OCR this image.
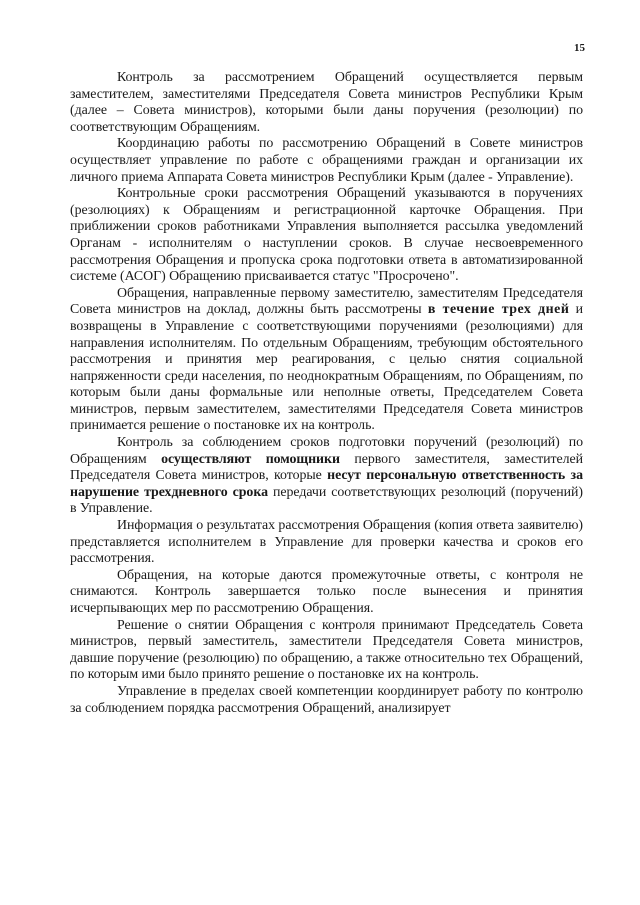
15

Контроль за рассмотрением Обращений осуществляется первым заместителем, заместителями Председателя Совета министров Республики Крым (далее – Совета министров), которыми были даны поручения (резолюции) по соответствующим Обращениям.

Координацию работы по рассмотрению Обращений в Совете министров осуществляет управление по работе с обращениями граждан и организации их личного приема Аппарата Совета министров Республики Крым (далее - Управление).

Контрольные сроки рассмотрения Обращений указываются в поручениях (резолюциях) к Обращениям и регистрационной карточке Обращения. При приближении сроков работниками Управления выполняется рассылка уведомлений Органам - исполнителям о наступлении сроков. В случае несвоевременного рассмотрения Обращения и пропуска срока подготовки ответа в автоматизированной системе (АСОГ) Обращению присваивается статус "Просрочено".

Обращения, направленные первому заместителю, заместителям Председателя Совета министров на доклад, должны быть рассмотрены в течение трех дней и возвращены в Управление с соответствующими поручениями (резолюциями) для направления исполнителям. По отдельным Обращениям, требующим обстоятельного рассмотрения и принятия мер реагирования, с целью снятия социальной напряженности среди населения, по неоднократным Обращениям, по Обращениям, по которым были даны формальные или неполные ответы, Председателем Совета министров, первым заместителем, заместителями Председателя Совета министров принимается решение о постановке их на контроль.

Контроль за соблюдением сроков подготовки поручений (резолюций) по Обращениям осуществляют помощники первого заместителя, заместителей Председателя Совета министров, которые несут персональную ответственность за нарушение трехдневного срока передачи соответствующих резолюций (поручений) в Управление.

Информация о результатах рассмотрения Обращения (копия ответа заявителю) представляется исполнителем в Управление для проверки качества и сроков его рассмотрения.

Обращения, на которые даются промежуточные ответы, с контроля не снимаются. Контроль завершается только после вынесения и принятия исчерпывающих мер по рассмотрению Обращения.

Решение о снятии Обращения с контроля принимают Председатель Совета министров, первый заместитель, заместители Председателя Совета министров, давшие поручение (резолюцию) по обращению, а также относительно тех Обращений, по которым ими было принято решение о постановке их на контроль.

Управление в пределах своей компетенции координирует работу по контролю за соблюдением порядка рассмотрения Обращений, анализирует
